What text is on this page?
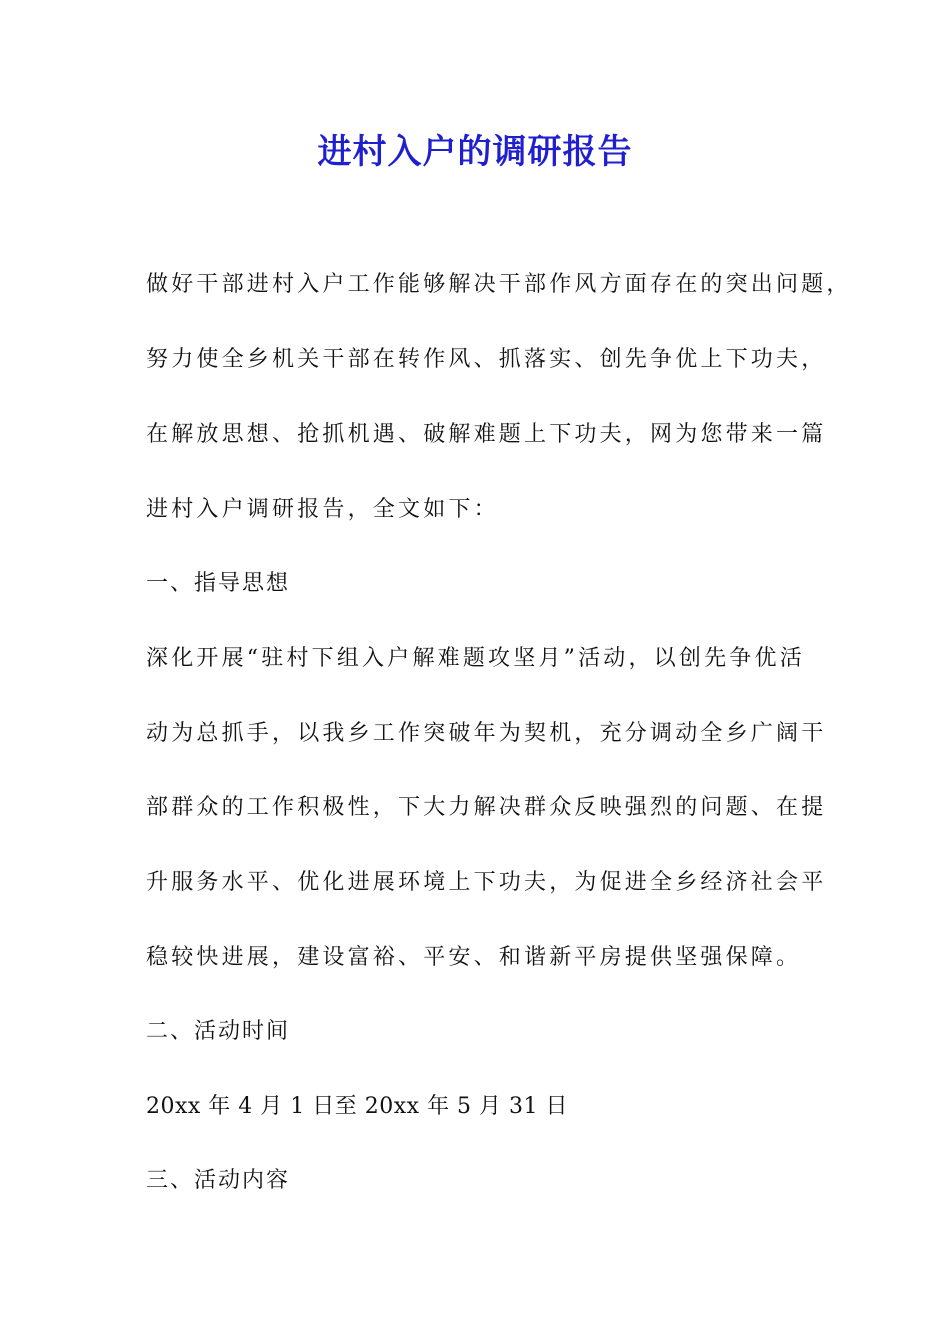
进村入户的调研报告
做好干部进村入户工作能够解决干部作风方面存在的突出问题，
努力使全乡机关干部在转作风、抓落实、创先争优上下功夫，
在解放思想、抢抓机遇、破解难题上下功夫，网为您带来一篇
进村入户调研报告，全文如下：
一、指导思想
深化开展“驻村下组入户解难题攻坚月”活动，以创先争优活
动为总抓手，以我乡工作突破年为契机，充分调动全乡广阔干
部群众的工作积极性，下大力解决群众反映强烈的问题、在提
升服务水平、优化进展环境上下功夫，为促进全乡经济社会平
稳较快进展，建设富裕、平安、和谐新平房提供坚强保障。
二、活动时间
20xx 年 4 月 1 日至 20xx 年 5 月 31 日
三、活动内容
